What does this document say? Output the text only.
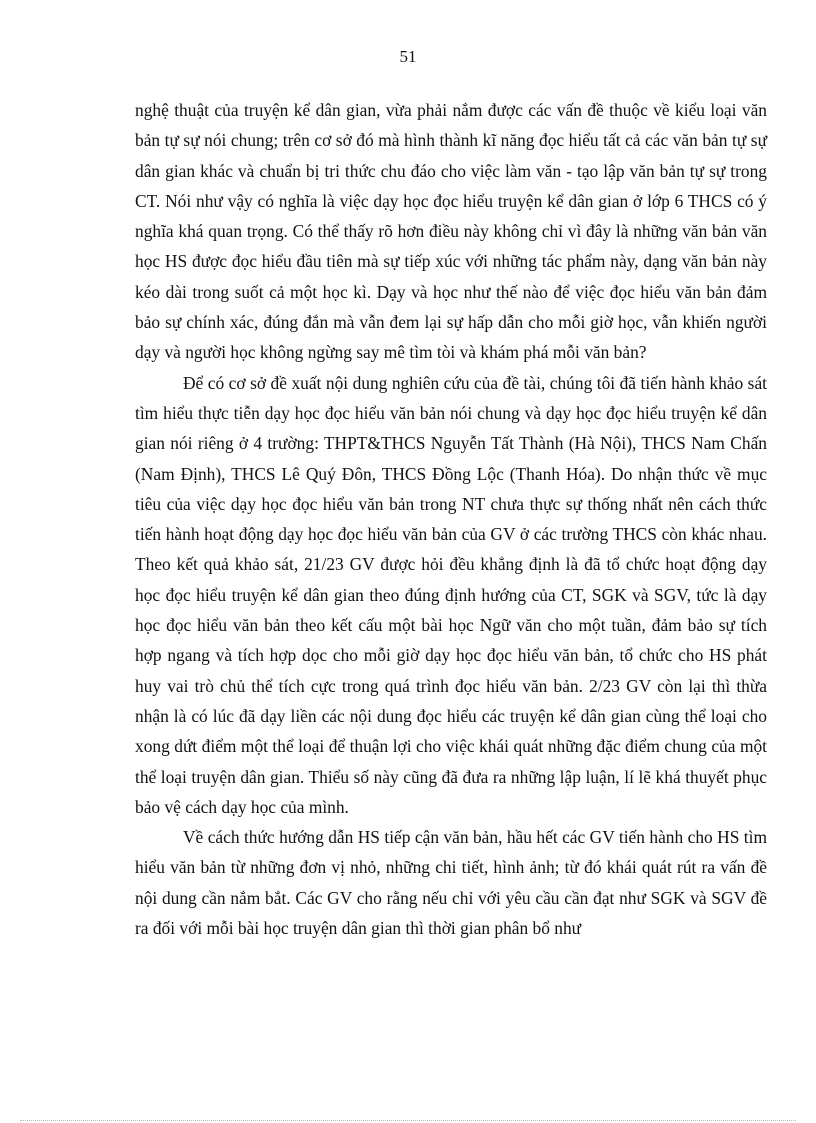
51

nghệ thuật của truyện kể dân gian, vừa phải nắm được các vấn đề thuộc về kiểu loại văn bản tự sự nói chung; trên cơ sở đó mà hình thành kĩ năng đọc hiểu tất cả các văn bản tự sự dân gian khác và chuẩn bị tri thức chu đáo cho việc làm văn - tạo lập văn bản tự sự trong CT. Nói như vậy có nghĩa là việc dạy học đọc hiểu truyện kể dân gian ở lớp 6 THCS có ý nghĩa khá quan trọng. Có thể thấy rõ hơn điều này không chỉ vì đây là những văn bản văn học HS được đọc hiểu đầu tiên mà sự tiếp xúc với những tác phẩm này, dạng văn bản này kéo dài trong suốt cả một học kì. Dạy và học như thế nào để việc đọc hiểu văn bản đảm bảo sự chính xác, đúng đắn mà vẫn đem lại sự hấp dẫn cho mỗi giờ học, vẫn khiến người dạy và người học không ngừng say mê tìm tòi và khám phá mỗi văn bản?

Để có cơ sở đề xuất nội dung nghiên cứu của đề tài, chúng tôi đã tiến hành khảo sát tìm hiểu thực tiễn dạy học đọc hiểu văn bản nói chung và dạy học đọc hiểu truyện kể dân gian nói riêng ở 4 trường: THPT&THCS Nguyễn Tất Thành (Hà Nội), THCS Nam Chấn (Nam Định), THCS Lê Quý Đôn, THCS Đồng Lộc (Thanh Hóa). Do nhận thức về mục tiêu của việc dạy học đọc hiểu văn bản trong NT chưa thực sự thống nhất nên cách thức tiến hành hoạt động dạy học đọc hiểu văn bản của GV ở các trường THCS còn khác nhau. Theo kết quả khảo sát, 21/23 GV được hỏi đều khẳng định là đã tổ chức hoạt động dạy học đọc hiểu truyện kể dân gian theo đúng định hướng của CT, SGK và SGV, tức là dạy học đọc hiểu văn bản theo kết cấu một bài học Ngữ văn cho một tuần, đảm bảo sự tích hợp ngang và tích hợp dọc cho mỗi giờ dạy học đọc hiểu văn bản, tổ chức cho HS phát huy vai trò chủ thể tích cực trong quá trình đọc hiểu văn bản. 2/23 GV còn lại thì thừa nhận là có lúc đã dạy liền các nội dung đọc hiểu các truyện kể dân gian cùng thể loại cho xong dứt điểm một thể loại để thuận lợi cho việc khái quát những đặc điểm chung của một thể loại truyện dân gian. Thiểu số này cũng đã đưa ra những lập luận, lí lẽ khá thuyết phục bảo vệ cách dạy học của mình.

Về cách thức hướng dẫn HS tiếp cận văn bản, hầu hết các GV tiến hành cho HS tìm hiểu văn bản từ những đơn vị nhỏ, những chi tiết, hình ảnh; từ đó khái quát rút ra vấn đề nội dung cần nắm bắt. Các GV cho rằng nếu chỉ với yêu cầu cần đạt như SGK và SGV đề ra đối với mỗi bài học truyện dân gian thì thời gian phân bổ như
